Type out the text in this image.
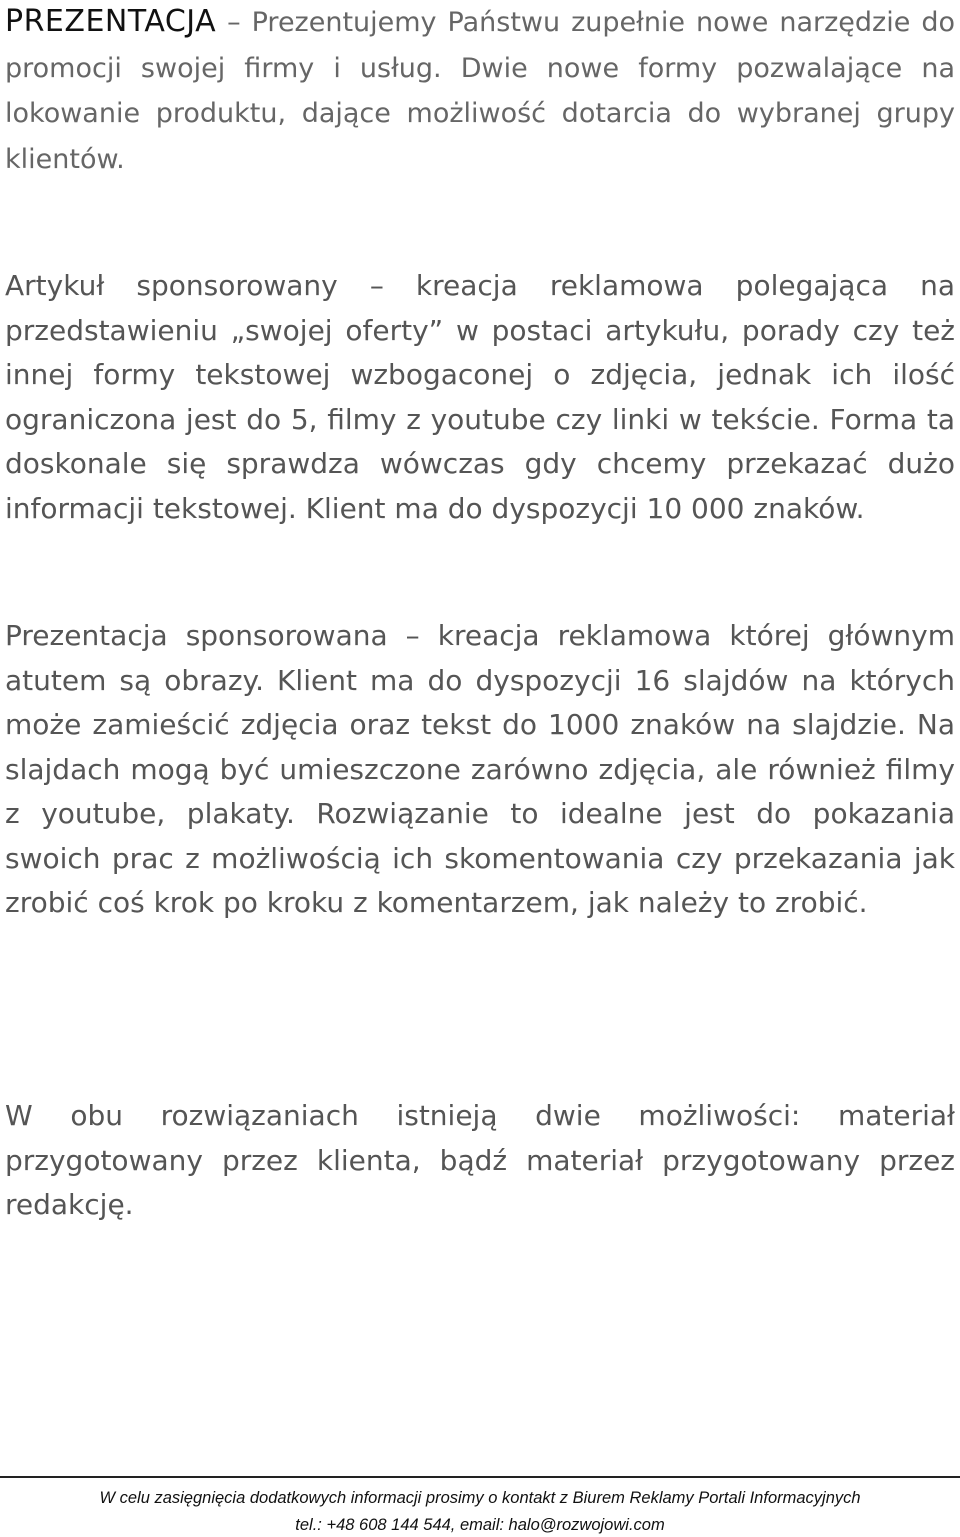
PREZENTACJA – Prezentujemy Państwu zupełnie nowe narzędzie do promocji swojej firmy i usług. Dwie nowe formy pozwalające na lokowanie produktu, dające możliwość dotarcia do wybranej grupy klientów.

Artykuł sponsorowany – kreacja reklamowa polegająca na przedstawieniu „swojej oferty” w postaci artykułu, porady czy też innej formy tekstowej wzbogaconej o zdjęcia, jednak ich ilość ograniczona jest do 5, filmy z youtube czy linki w tekście. Forma ta doskonale się sprawdza wówczas gdy chcemy przekazać dużo informacji tekstowej. Klient ma do dyspozycji 10 000 znaków.

Prezentacja sponsorowana – kreacja reklamowa której głównym atutem są obrazy. Klient ma do dyspozycji 16 slajdów na których może zamieścić zdjęcia oraz tekst do 1000 znaków na slajdzie. Na slajdach mogą być umieszczone zarówno zdjęcia, ale również filmy z youtube, plakaty. Rozwiązanie to idealne jest do pokazania swoich prac z możliwością ich skomentowania czy przekazania jak zrobić coś krok po kroku z komentarzem, jak należy to zrobić.

W obu rozwiązaniach istnieją dwie możliwości: materiał przygotowany przez klienta, bądź materiał przygotowany przez redakcję.

W celu zasięgnięcia dodatkowych informacji prosimy o kontakt z Biurem Reklamy Portali Informacyjnych
tel.: +48 608 144 544, email: halo@rozwojowi.com
